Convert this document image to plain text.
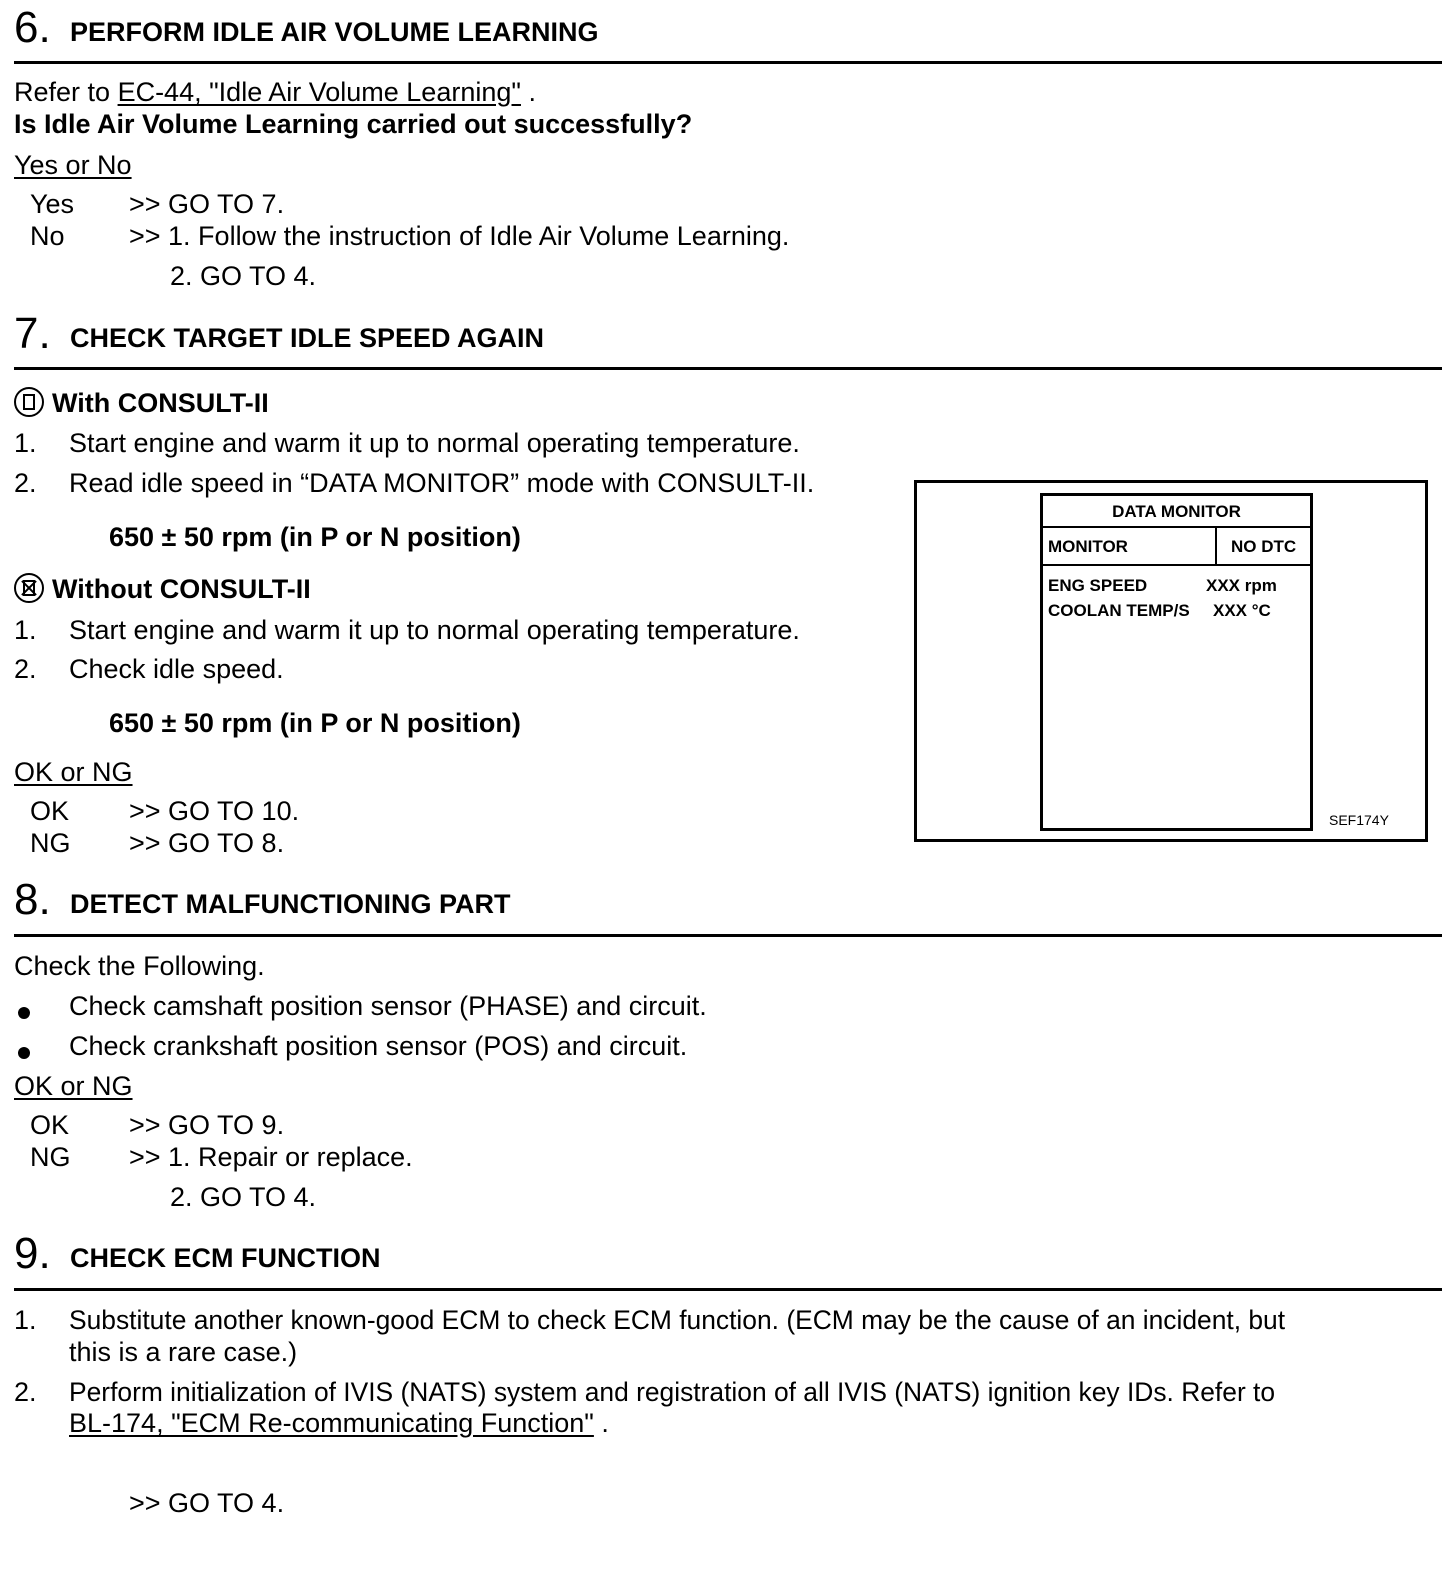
6. PERFORM IDLE AIR VOLUME LEARNING
Refer to EC-44, "Idle Air Volume Learning" .
Is Idle Air Volume Learning carried out successfully?
Yes or No
Yes >> GO TO 7.
No >> 1. Follow the instruction of Idle Air Volume Learning.
2. GO TO 4.
7. CHECK TARGET IDLE SPEED AGAIN
With CONSULT-II
1. Start engine and warm it up to normal operating temperature.
2. Read idle speed in “DATA MONITOR” mode with CONSULT-II.
650 ± 50 rpm (in P or N position)
Without CONSULT-II
1. Start engine and warm it up to normal operating temperature.
2. Check idle speed.
650 ± 50 rpm (in P or N position)
OK or NG
OK >> GO TO 10.
NG >> GO TO 8.
DATA MONITOR
MONITOR	NO DTC
ENG SPEED	XXX rpm
COOLAN TEMP/S XXX °C
SEF174Y
8. DETECT MALFUNCTIONING PART
Check the Following.
Check camshaft position sensor (PHASE) and circuit.
Check crankshaft position sensor (POS) and circuit.
OK or NG
OK >> GO TO 9.
NG >> 1. Repair or replace.
2. GO TO 4.
9. CHECK ECM FUNCTION
1. Substitute another known-good ECM to check ECM function. (ECM may be the cause of an incident, but
this is a rare case.)
2. Perform initialization of IVIS (NATS) system and registration of all IVIS (NATS) ignition key IDs. Refer to
BL-174, "ECM Re-communicating Function" .
>> GO TO 4.
